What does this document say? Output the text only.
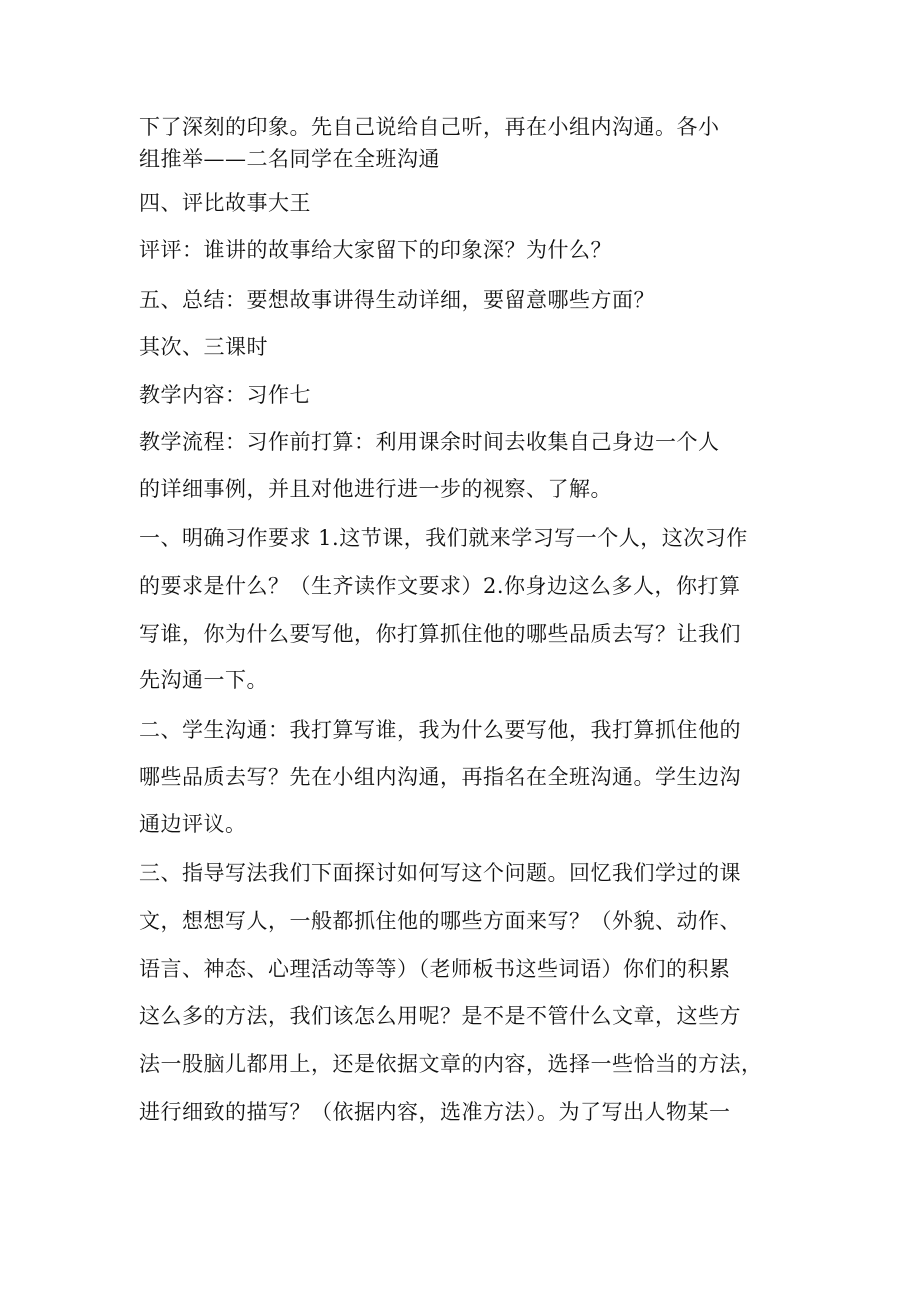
下了深刻的印象。先自己说给自己听，再在小组内沟通。各小
组推举——二名同学在全班沟通
四、评比故事大王
评评：谁讲的故事给大家留下的印象深？为什么？
五、总结：要想故事讲得生动详细，要留意哪些方面？
其次、三课时
教学内容：习作七
教学流程：习作前打算：利用课余时间去收集自己身边一个人
的详细事例，并且对他进行进一步的视察、了解。
一、明确习作要求 1.这节课，我们就来学习写一个人，这次习作
的要求是什么？（生齐读作文要求）2.你身边这么多人，你打算
写谁，你为什么要写他，你打算抓住他的哪些品质去写？让我们
先沟通一下。
二、学生沟通：我打算写谁，我为什么要写他，我打算抓住他的
哪些品质去写？先在小组内沟通，再指名在全班沟通。学生边沟
通边评议。
三、指导写法我们下面探讨如何写这个问题。回忆我们学过的课
文，想想写人，一般都抓住他的哪些方面来写？（外貌、动作、
语言、神态、心理活动等等）（老师板书这些词语）你们的积累
这么多的方法，我们该怎么用呢？是不是不管什么文章，这些方
法一股脑儿都用上，还是依据文章的内容，选择一些恰当的方法，
进行细致的描写？（依据内容，选准方法）。为了写出人物某一
